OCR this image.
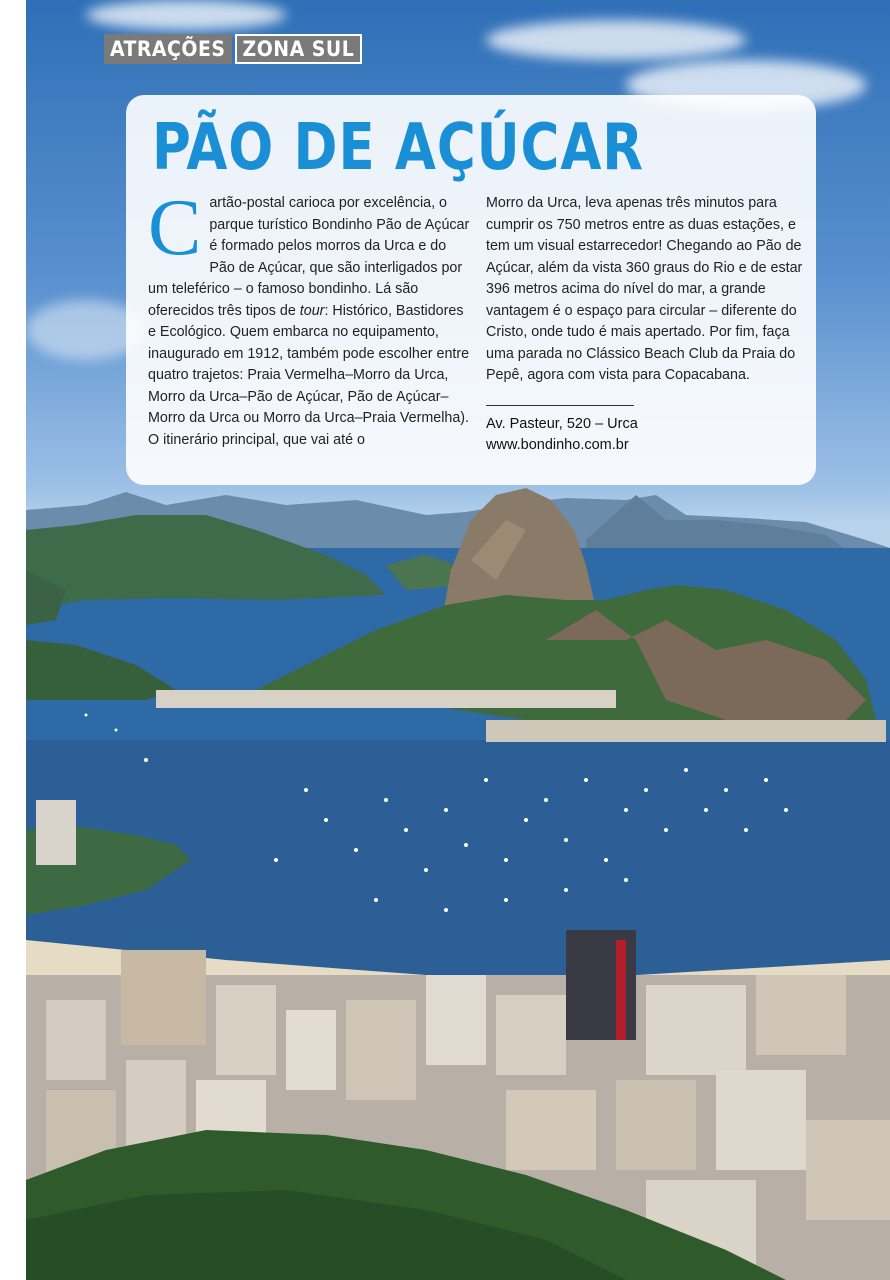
ATRAÇÕES ZONA SUL
PÃO DE AÇÚCAR

Cartão-postal carioca por excelência, o parque turístico Bondinho Pão de Açúcar é formado pelos morros da Urca e do Pão de Açúcar, que são interligados por um teleférico – o famoso bondinho. Lá são oferecidos três tipos de tour: Histórico, Bastidores e Ecológico. Quem embarca no equipamento, inaugurado em 1912, também pode escolher entre quatro trajetos: Praia Vermelha–Morro da Urca, Morro da Urca–Pão de Açúcar, Pão de Açúcar–Morro da Urca ou Morro da Urca–Praia Vermelha). O itinerário principal, que vai até o

Morro da Urca, leva apenas três minutos para cumprir os 750 metros entre as duas estações, e tem um visual estarrecedor! Chegando ao Pão de Açúcar, além da vista 360 graus do Rio e de estar 396 metros acima do nível do mar, a grande vantagem é o espaço para circular – diferente do Cristo, onde tudo é mais apertado. Por fim, faça uma parada no Clássico Beach Club da Praia do Pepê, agora com vista para Copacabana.

Av. Pasteur, 520 – Urca
www.bondinho.com.br
